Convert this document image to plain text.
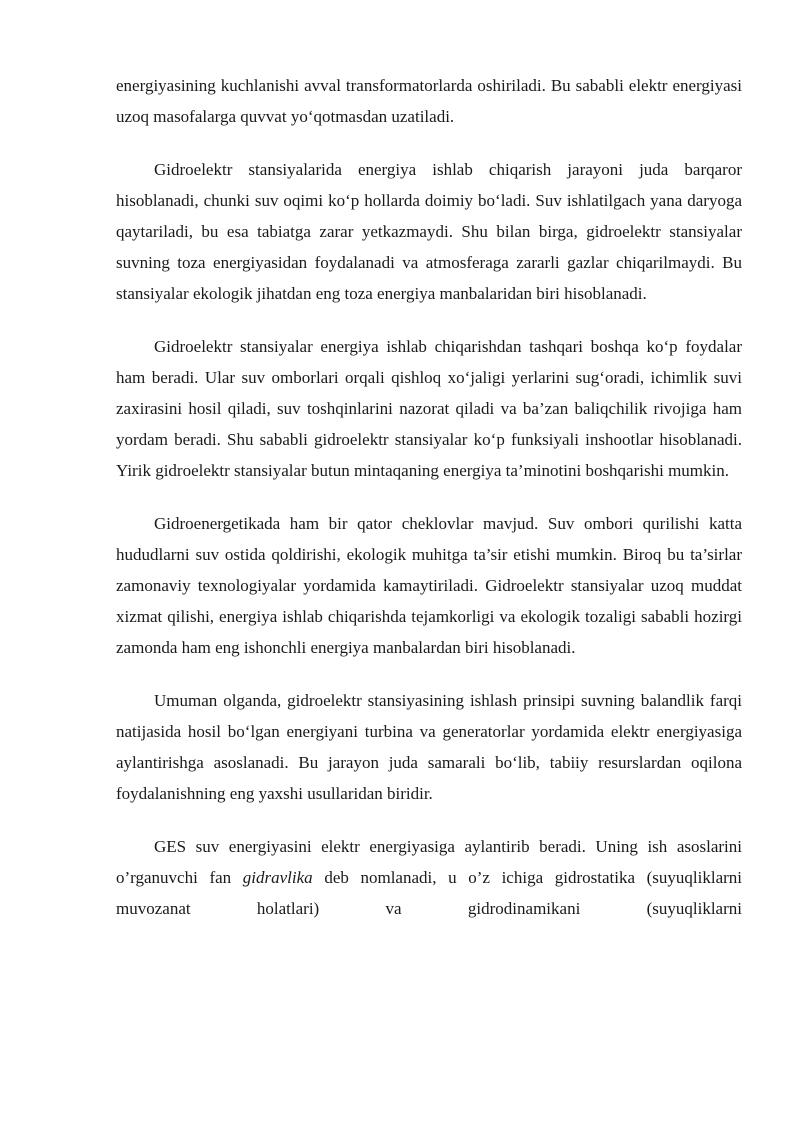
energiyasining kuchlanishi avval transformatorlarda oshiriladi. Bu sababli elektr energiyasi uzoq masofalarga quvvat yo‘qotmasdan uzatiladi.

Gidroelektr stansiyalarida energiya ishlab chiqarish jarayoni juda barqaror hisoblanadi, chunki suv oqimi ko‘p hollarda doimiy bo‘ladi. Suv ishlatilgach yana daryoga qaytariladi, bu esa tabiatga zarar yetkazmaydi. Shu bilan birga, gidroelektr stansiyalar suvning toza energiyasidan foydalanadi va atmosferaga zararli gazlar chiqarilmaydi. Bu stansiyalar ekologik jihatdan eng toza energiya manbalaridan biri hisoblanadi.

Gidroelektr stansiyalar energiya ishlab chiqarishdan tashqari boshqa ko‘p foydalar ham beradi. Ular suv omborlari orqali qishloq xo‘jaligi yerlarini sug‘oradi, ichimlik suvi zaxirasini hosil qiladi, suv toshqinlarini nazorat qiladi va ba’zan baliqchilik rivojiga ham yordam beradi. Shu sababli gidroelektr stansiyalar ko‘p funksiyali inshootlar hisoblanadi. Yirik gidroelektr stansiyalar butun mintaqaning energiya ta’minotini boshqarishi mumkin.

Gidroenergetikada ham bir qator cheklovlar mavjud. Suv ombori qurilishi katta hududlarni suv ostida qoldirishi, ekologik muhitga ta’sir etishi mumkin. Biroq bu ta’sirlar zamonaviy texnologiyalar yordamida kamaytiriladi. Gidroelektr stansiyalar uzoq muddat xizmat qilishi, energiya ishlab chiqarishda tejamkorligi va ekologik tozaligi sababli hozirgi zamonda ham eng ishonchli energiya manbalardan biri hisoblanadi.

Umuman olganda, gidroelektr stansiyasining ishlash prinsipi suvning balandlik farqi natijasida hosil bo‘lgan energiyani turbina va generatorlar yordamida elektr energiyasiga aylantirishga asoslanadi. Bu jarayon juda samarali bo‘lib, tabiiy resurslardan oqilona foydalanishning eng yaxshi usullaridan biridir.

GES suv energiyasini elektr energiyasiga aylantirib beradi. Uning ish asoslarini o’rganuvchi fan gidravlika deb nomlanadi, u o’z ichiga gidrostatika (suyuqliklarni muvozanat holatlari) va gidrodinamikani (suyuqliklarni
